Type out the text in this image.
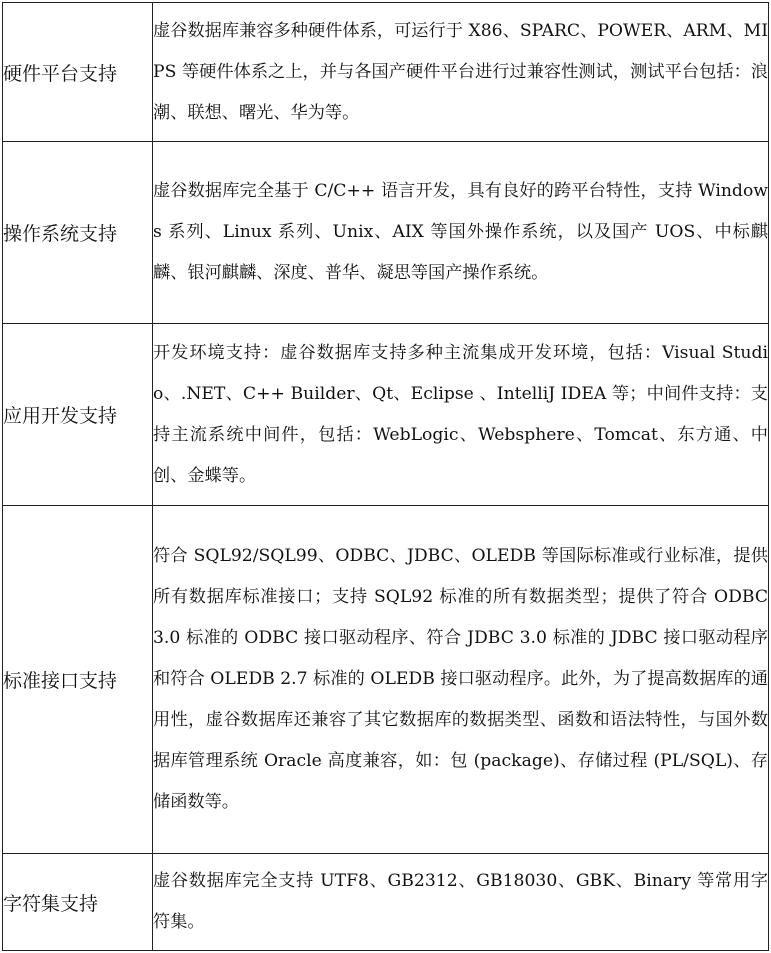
硬件平台支持	虚谷数据库兼容多种硬件体系，可运行于 X86、SPARC、POWER、ARM、MIPS 等硬件体系之上，并与各国产硬件平台进行过兼容性测试，测试平台包括：浪潮、联想、曙光、华为等。
操作系统支持	虚谷数据库完全基于 C/C++ 语言开发，具有良好的跨平台特性，支持 Windows 系列、Linux 系列、Unix、AIX 等国外操作系统，以及国产 UOS、中标麒麟、银河麒麟、深度、普华、凝思等国产操作系统。
应用开发支持	开发环境支持：虚谷数据库支持多种主流集成开发环境，包括：Visual Studio、.NET、C++ Builder、Qt、Eclipse 、IntelliJ IDEA 等；中间件支持：支持主流系统中间件，包括：WebLogic、Websphere、Tomcat、东方通、中创、金蝶等。
标准接口支持	符合 SQL92/SQL99、ODBC、JDBC、OLEDB 等国际标准或行业标准，提供所有数据库标准接口；支持 SQL92 标准的所有数据类型；提供了符合 ODBC 3.0 标准的 ODBC 接口驱动程序、符合 JDBC 3.0 标准的 JDBC 接口驱动程序和符合 OLEDB 2.7 标准的 OLEDB 接口驱动程序。此外，为了提高数据库的通用性，虚谷数据库还兼容了其它数据库的数据类型、函数和语法特性，与国外数据库管理系统 Oracle 高度兼容，如：包 (package)、存储过程 (PL/SQL)、存储函数等。
字符集支持	虚谷数据库完全支持 UTF8、GB2312、GB18030、GBK、Binary 等常用字符集。
